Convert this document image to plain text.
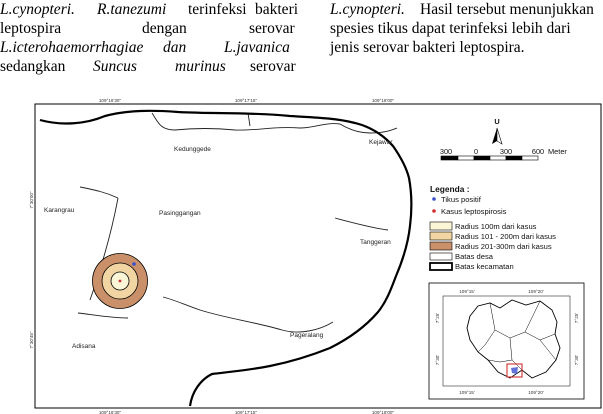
L.cynopteri. R.tanezumi terinfeksi bakteri
leptospira	dengan	serovar
L.icterohaemorrhagiae dan L.javanica
sedangkan Suncus murinus serovar
L.cynopteri. Hasil tersebut menunjukkan
spesies tikus dapat terinfeksi lebih dari
jenis serovar bakteri leptospira.
109°16'30"	109°17'15"	109°18'00"
109°16'30"	109°17'15"	109°18'00"
7°30'00"
7°30'45"
Kedunggede
Kejawar
Karangrau	Pasinggangan
Tanggeran
Pageralang
Adisana
U
300	0	300	600 Meter
Legenda :
Tikus positif
Kasus leptospirosis
Radius 100m dari kasus
Radius 101 - 200m dari kasus
Radius 201-300m dari kasus
Batas desa
Batas kecamatan
109°15'	109°20'
109°15'	109°20'
7°25'
7°30'
7°25'
7°30'
